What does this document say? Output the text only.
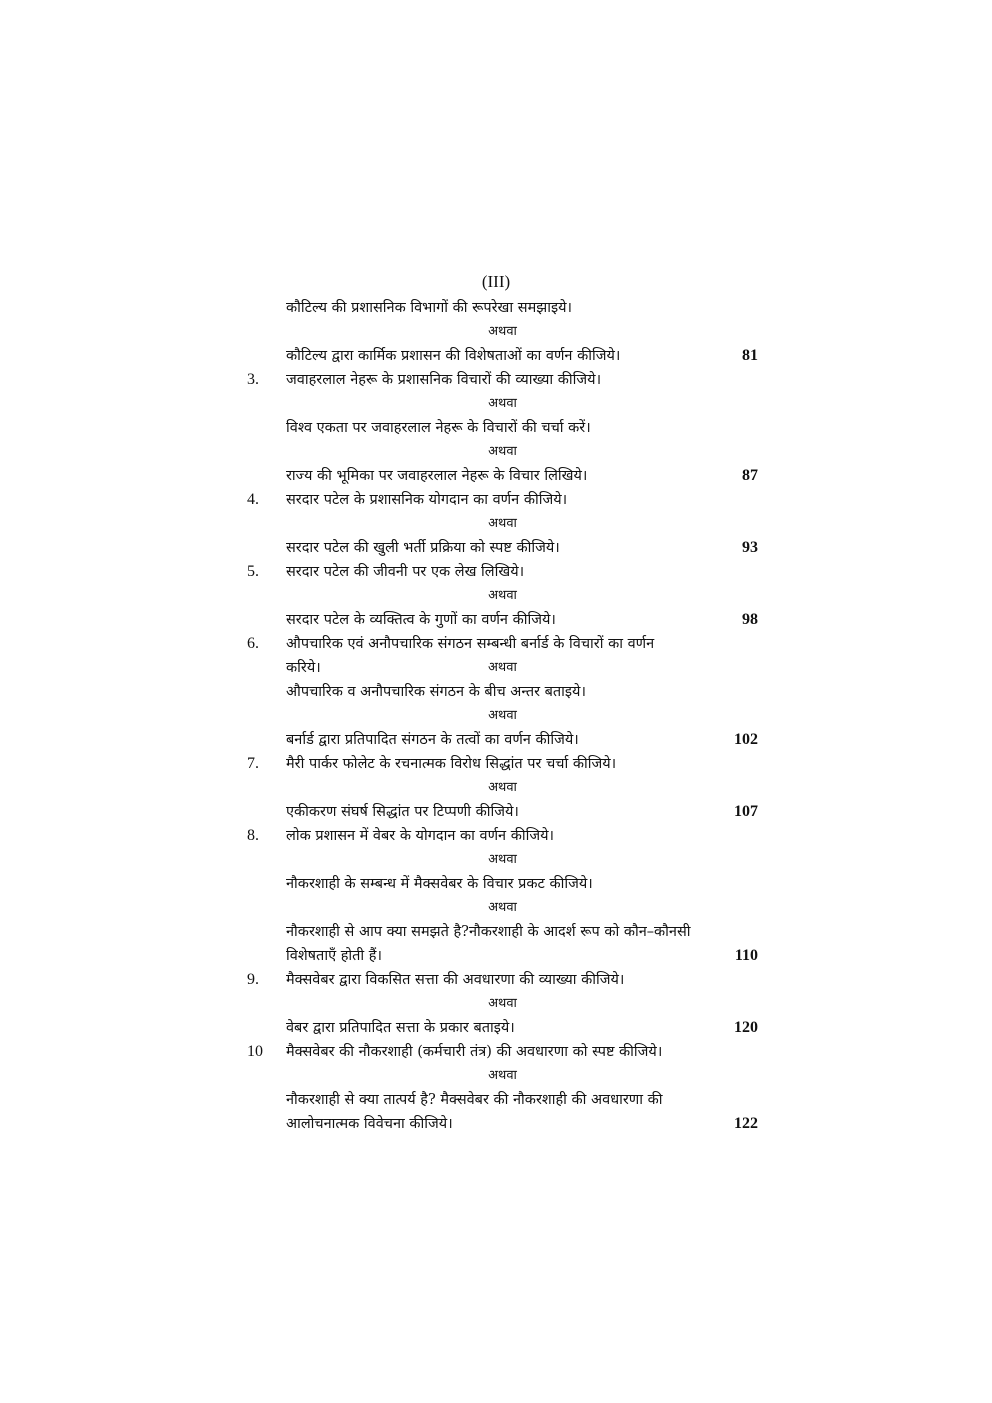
(III)
कौटिल्य की प्रशासनिक विभागों की रूपरेखा समझाइये।
अथवा
कौटिल्य द्वारा कार्मिक प्रशासन की विशेषताओं का वर्णन कीजिये।	81
3. जवाहरलाल नेहरू के प्रशासनिक विचारों की व्याख्या कीजिये।
अथवा
विश्व एकता पर जवाहरलाल नेहरू के विचारों की चर्चा करें।
अथवा
राज्य की भूमिका पर जवाहरलाल नेहरू के विचार लिखिये।	87
4. सरदार पटेल के प्रशासनिक योगदान का वर्णन कीजिये।
अथवा
सरदार पटेल की खुली भर्ती प्रक्रिया को स्पष्ट कीजिये।	93
5. सरदार पटेल की जीवनी पर एक लेख लिखिये।
अथवा
सरदार पटेल के व्यक्तित्व के गुणों का वर्णन कीजिये।	98
6. औपचारिक एवं अनौपचारिक संगठन सम्बन्धी बर्नार्ड के विचारों का वर्णन
करिये।	अथवा
औपचारिक व अनौपचारिक संगठन के बीच अन्तर बताइये।
अथवा
बर्नार्ड द्वारा प्रतिपादित संगठन के तत्वों का वर्णन कीजिये।	102
7. मैरी पार्कर फोलेट के रचनात्मक विरोध सिद्धांत पर चर्चा कीजिये।
अथवा
एकीकरण संघर्ष सिद्धांत पर टिप्पणी कीजिये।	107
8. लोक प्रशासन में वेबर के योगदान का वर्णन कीजिये।
अथवा
नौकरशाही के सम्बन्ध में मैक्सवेबर के विचार प्रकट कीजिये।
अथवा
नौकरशाही से आप क्या समझते है?नौकरशाही के आदर्श रूप को कौन–कौनसी
विशेषताएँ होती हैं।	110
9. मैक्सवेबर द्वारा विकसित सत्ता की अवधारणा की व्याख्या कीजिये।
अथवा
वेबर द्वारा प्रतिपादित सत्ता के प्रकार बताइये।	120
10 मैक्सवेबर की नौकरशाही (कर्मचारी तंत्र) की अवधारणा को स्पष्ट कीजिये।
अथवा
नौकरशाही से क्या तात्पर्य है? मैक्सवेबर की नौकरशाही की अवधारणा की
आलोचनात्मक विवेचना कीजिये।	122
